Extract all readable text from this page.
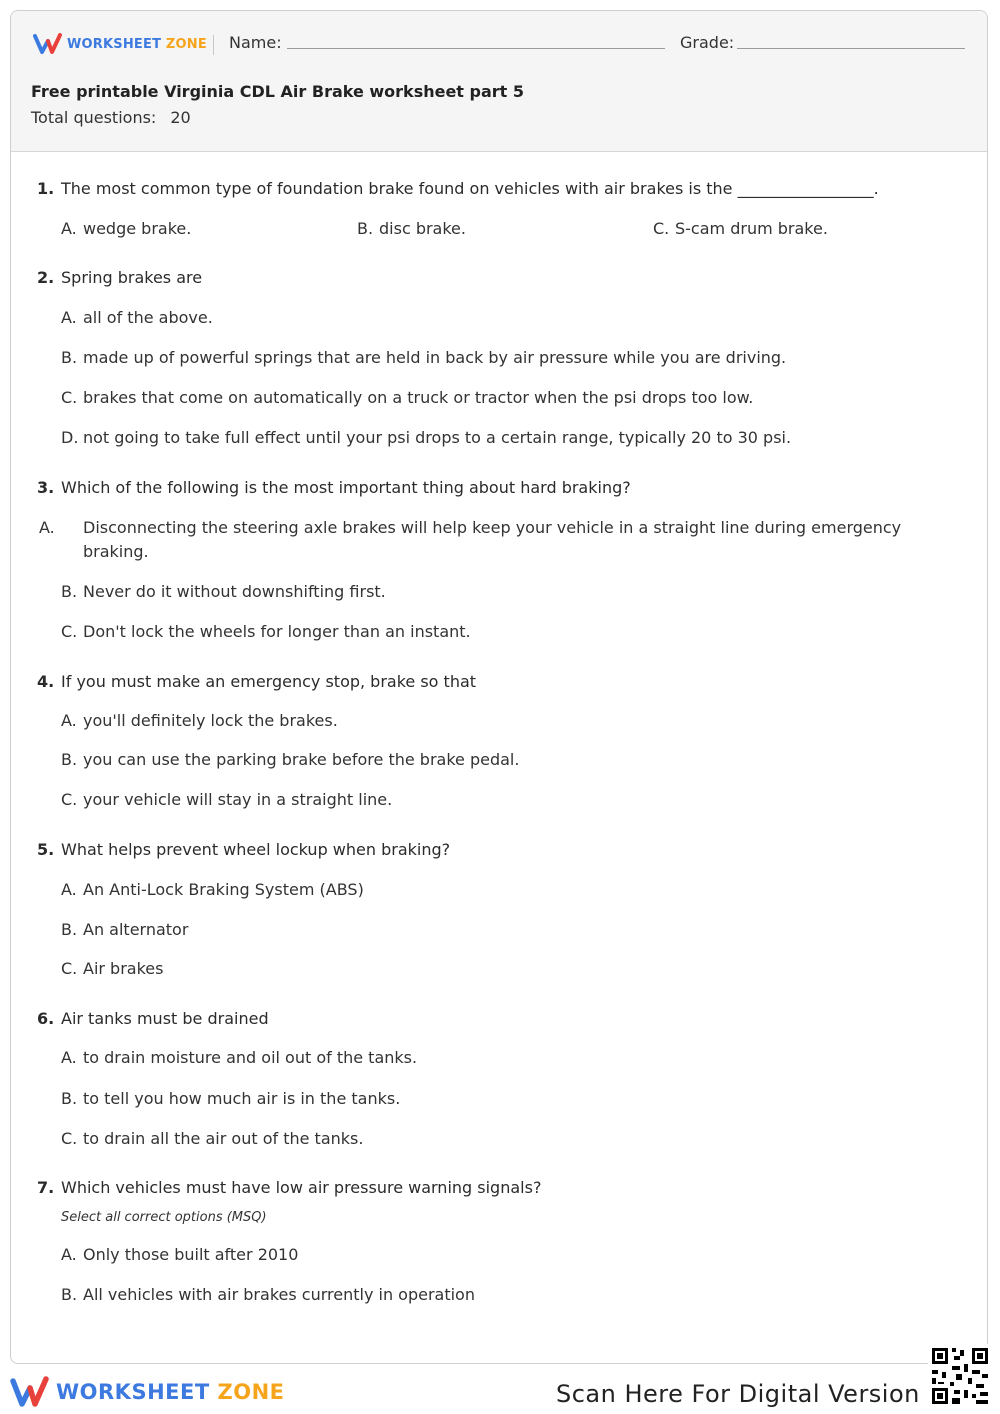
WORKSHEET ZONE Name:	Grade:
Free printable Virginia CDL Air Brake worksheet part 5
Total questions: 20
1. The most common type of foundation brake found on vehicles with air brakes is the _________________.
A. wedge brake.	B. disc brake.	C. S-cam drum brake.
2. Spring brakes are
A. all of the above.
B. made up of powerful springs that are held in back by air pressure while you are driving.
C. brakes that come on automatically on a truck or tractor when the psi drops too low.
D. not going to take full effect until your psi drops to a certain range, typically 20 to 30 psi.
3. Which of the following is the most important thing about hard braking?
A. Disconnecting the steering axle brakes will help keep your vehicle in a straight line during emergency braking.
B. Never do it without downshifting first.
C. Don't lock the wheels for longer than an instant.
4. If you must make an emergency stop, brake so that
A. you'll definitely lock the brakes.
B. you can use the parking brake before the brake pedal.
C. your vehicle will stay in a straight line.
5. What helps prevent wheel lockup when braking?
A. An Anti-Lock Braking System (ABS)
B. An alternator
C. Air brakes
6. Air tanks must be drained
A. to drain moisture and oil out of the tanks.
B. to tell you how much air is in the tanks.
C. to drain all the air out of the tanks.
7. Which vehicles must have low air pressure warning signals?
Select all correct options (MSQ)
A. Only those built after 2010
B. All vehicles with air brakes currently in operation
WORKSHEET ZONE	Scan Here For Digital Version
